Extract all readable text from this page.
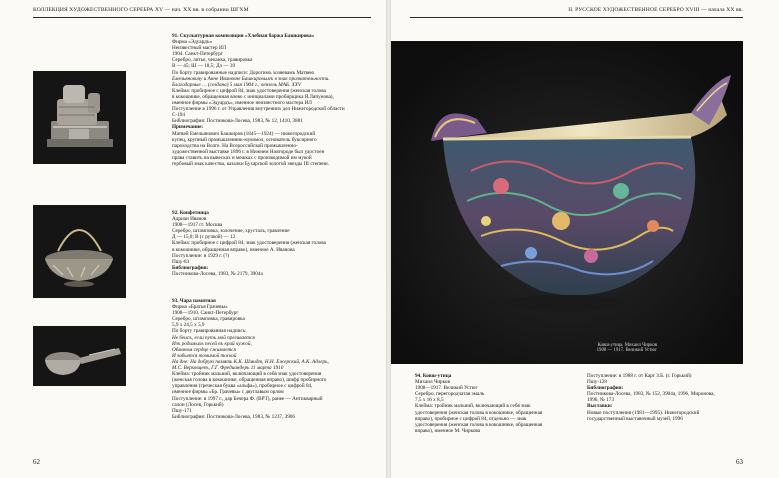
КОЛЛЕКЦИЯ ХУДОЖЕСТВЕННОГО СЕРЕБРА XV — нач. XX вв. в собрании ШГХМ

91. Скульптурная композиция «Хлебная баржа Башкирова»

Фирма «Эдуардъ»

Неизвестный мастер ИЛ

1904. Санкт-Петербург

Серебро, литье, чеканка, гравировка

В — 45; Ш — 18,5; Дл — 39

По борту гравированные надписи: Дорогимъ хозяевамъ Матвею

Емельяновичу и Анне Ивановне Башкировымъ в знак признательности.

Благодарные … (создана) 5 мая 1904 г.; вензель МАБ. XXV

Клейма: пробирное с цифрой 84, знак удостоверения (женская голова

в кокошнике, обращенная влево с инициалами пробирщика Я.Ляпунова),

именное фирмы «Эдуардъ», именное неизвестного мастера ИЛ

Поступление в 1996 г. от Управления внутренних дел Нижегородской области

С-194

Библиография: Постникова-Лосева, 1983, № 12, 1410, 3881

Примечание:

Матвей Емельянович Башкиров (1845—1924) — нижегородский

купец, крупный промышленник-мукомол, основатель буксирного

пароходства на Волге. На Всероссийской промышленно-

художественной выставке 1896 г. в Нижнем Новгороде был удостоен

права ставить на вывесках и мешках с производимой им мукой

гербовый знак качества, казалки Бухарской золотой звезды III степени.

92. Конфетница

Адриан Иванов

1908—1917 гг. Москва

Серебро, штамповка, золочение, хрусталь, гравление

Д — 15,0; В (с ручкой) — 12

Клейма: пробирное с цифрой 84, знак удостоверения (женская голова

в кокошнике, обращенная вправо), именное А. Иванова

Поступление: в 1929 г. (?)

Пшу-83

Библиография:

Постникова-Лосева, 1983, № 2179, 3904а

93. Чара памятная

Фирма «Братья Грачевы»

1908—1910. Санкт-Петербург

Серебро, штамповка, гравировка

5,9 х 24,5 х 5,9

По борту гравированная надпись:

Не беисъ, если путь мой прегивается

Изъ родимыхъ песей въ край чужой,

Обманом сердце сжимается

И забьется томимой тоской

На дне: На добрую память К.К. Шмидт, Н.Н. Ежерский, А.К. Адлерь,

М.С. Верховцевъ, Г.Г. Фредиандерь 11 марта 1910

Клейма: тройник мальиий, включающий в себя знак удостоверения

(женская голова в кокошнике, обращенная вправо), шифр пробирного

управления (греческая буква «альфа»), пробирное с цифрой 84,

именное фирмы «Бр. Грачевы» с двуглавым орлом

Поступление: в 1997 г., дар Бечера Ф. (ВРТ), ранее — Антикварный

салон (Лосев, Горький)

Пшу-171

Библиография: Постникова-Лосева, 1983, № 1237, 3906

62
II. РУССКОЕ ХУДОЖЕСТВЕННОЕ СЕРЕБРО XVIII — начала XX вв.
Ковш-утица. Михаил Чирков
1908 — 1917. Великий Устюг

94. Ковш-утица

Михаил Чирков

1908—1917. Великий Устюг

Серебро, перегородчатая эмаль

7,5 х 16 х 8,5

Клейма: тройник мальиий, включающий в себя знак

удостоверения (женская голова в кокошнике, обращенная

вправо), пробирное с цифрой 84, отдельно — знак

удостоверения (женская голова в кокошнике, обращенная

вправо), именное М. Чиркова

Поступление: в 1988 г. от Карт З.Б. (г. Горький)

Пшу-128

Библиография:

Постникова-Лосева, 1983, № 152, 3904а, 1996, Миронова,

1996, № 173

Выставки:

Новые поступления (1981—1995). Нижегородский

государственный выставочный музей, 1996

63
